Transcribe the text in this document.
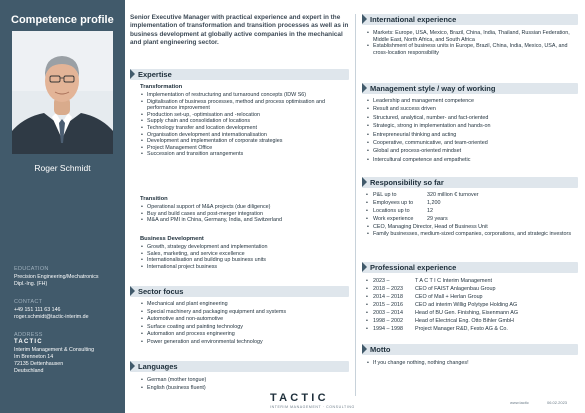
Competence profile
Roger Schmidt
EDUCATION
Precision Engineering/Mechatronics
Dipl.-Ing. (FH)
CONTACT
+49 151 111 63 146
roger.schmidt@tactic-interim.de
ADDRESS
TACTIC
Interim Management & Consulting
Im Brenneton 14
72135 Dettenhausen
Deutschland
Senior Executive Manager with practical experience and expert in the implementation of transformation and transition processes as well as in business development at globally active companies in the mechanical and plant engineering sector.
Expertise
Transformation
• Implementation of restructuring and turnaround concepts (IDW S6)
• Digitalisation of business processes, method and process optimisation and performance improvement
• Production set-up, -optimisation and -relocation
• Supply chain and consolidation of locations
• Technology transfer and location development
• Organisation development and internationalisation
• Development and implementation of corporate strategies
• Project Management Office
• Succession and transition arrangements
Transition
• Operational support of M&A projects (due diligence)
• Buy and build cases and post-merger integration
• M&A and PMI in China, Germany, India, and Switzerland
Business Development
• Growth, strategy development and implementation
• Sales, marketing, and service excellence
• Internationalisation and building up business units
• International project business
Sector focus
• Mechanical and plant engineering
• Special machinery and packaging equipment and systems
• Automotive and non-automotive
• Surface coating and painting technology
• Automation and process engineering
• Power generation and environmental technology
Languages
• German (mother tongue)
• English (business fluent)
International experience
• Markets: Europe, USA, Mexico, Brazil, China, India, Thailand, Russian Federation, Middle East, North Africa, and South Africa
• Establishment of business units in Europe, Brazil, China, India, Mexico, USA, and cross-location responsibility
Management style / way of working
• Leadership and management competence
• Result and success driven
• Structured, analytical, number- and fact-oriented
• Strategic, strong in implementation and hands-on
• Entrepreneurial thinking and acting
• Cooperative, communicative, and team-oriented
• Global and process-oriented mindset
• Intercultural competence and empathetic
Responsibility so far
• P&L up to	320 million € turnover
• Employees up to	1,200
• Locations up to	12
• Work experience	29 years
• CEO, Managing Director, Head of Business Unit
• Family businesses, medium-sized companies, corporations, and strategic investors
Professional experience
• 2023 –	T A C T I C Interim Management
• 2018 – 2023 CEO of FAIST Anlagenbau Group
• 2014 – 2018 CEO of Mall + Herlan Group
• 2015 – 2016 CEO ad interim Willig Polytype Holding AG
• 2003 – 2014 Head of BU Gen. Finishing, Eisenmann AG
• 1998 – 2002 Head of Electrical Eng. Otto Bihler GmbH
• 1994 – 1998 Project Manager R&D, Festo AG & Co.
Motto
• If you change nothing, nothing changes!
TACTIC
INTERIM MANAGEMENT · CONSULTING
www.tactic	06.02.2023
